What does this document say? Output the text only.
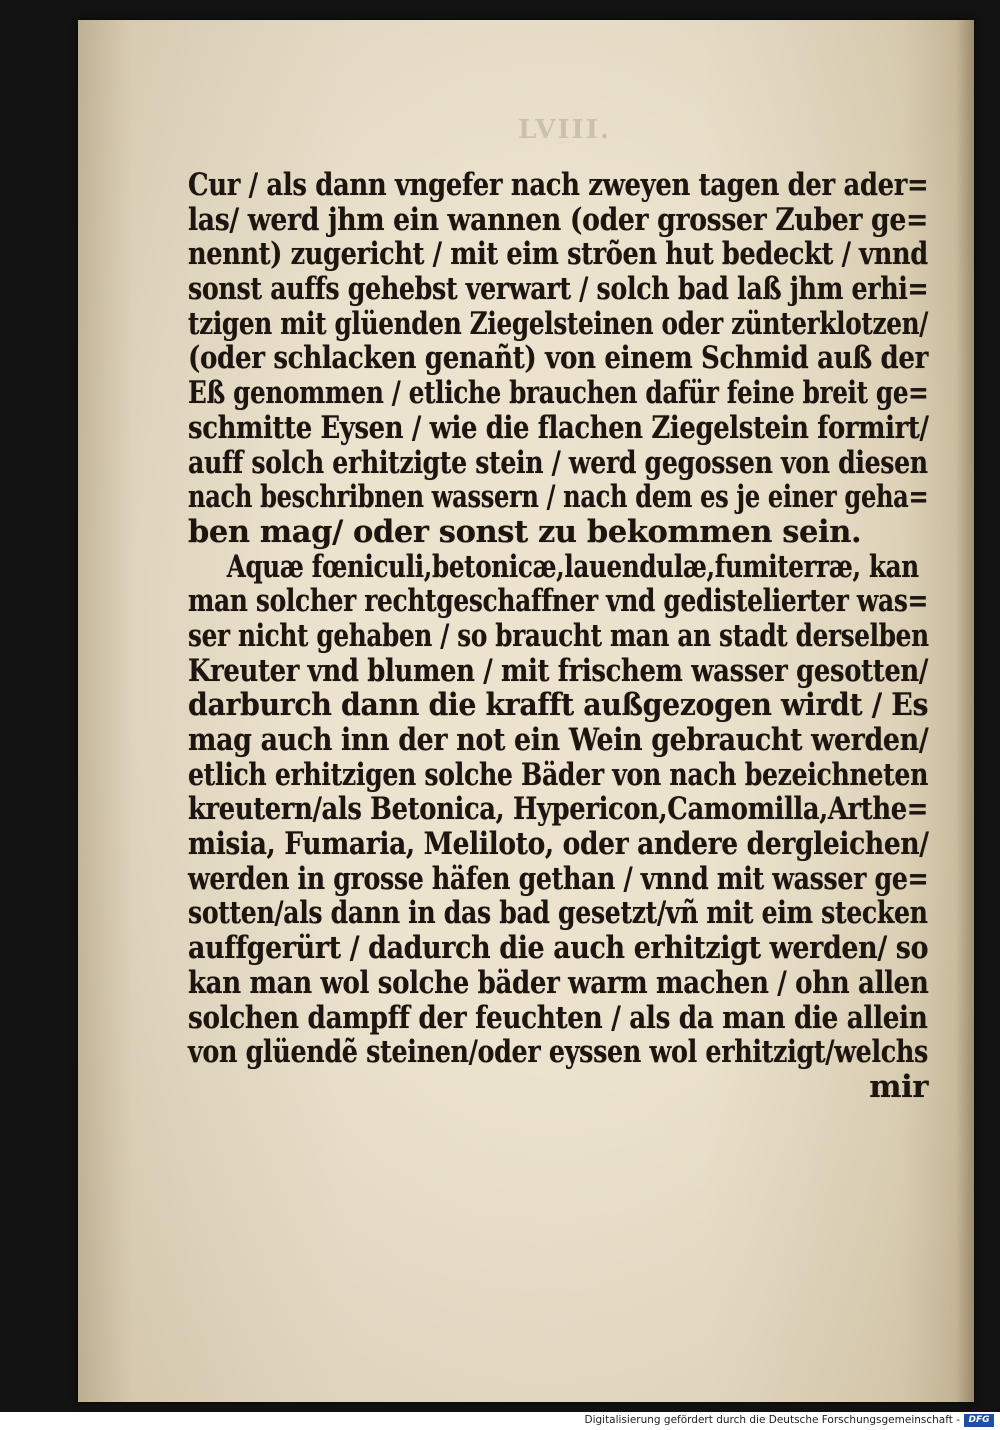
LVIII.
Cur / als dann vngefer nach zweyen tagen der ader=
las/ werd jhm ein wannen (oder grosser Zuber ge=
nennt) zugericht / mit eim strõen hut bedeckt / vnnd
sonst auffs gehebst verwart / solch bad laß jhm erhi=
tzigen mit glüenden Ziegelsteinen oder zünterklotzen/
(oder schlacken genañt) von einem Schmid auß der
Eß genommen / etliche brauchen dafür feine breit ge=
schmitte Eysen / wie die flachen Ziegelstein formirt/
auff solch erhitzigte stein / werd gegossen von diesen
nach beschribnen wassern / nach dem es je einer geha=
ben mag/ oder sonst zu bekommen sein.
Aquæ fœniculi,betonicæ,lauendulæ,fumiterræ, kan
man solcher rechtgeschaffner vnd gedistelierter was=
ser nicht gehaben / so braucht man an stadt derselben
Kreuter vnd blumen / mit frischem wasser gesotten/
darburch dann die krafft außgezogen wirdt / Es
mag auch inn der not ein Wein gebraucht werden/
etlich erhitzigen solche Bäder von nach bezeichneten
kreutern/als Betonica, Hypericon,Camomilla,Arthe=
misia, Fumaria, Meliloto, oder andere dergleichen/
werden in grosse häfen gethan / vnnd mit wasser ge=
sotten/als dann in das bad gesetzt/vñ mit eim stecken
auffgerürt / dadurch die auch erhitzigt werden/ so
kan man wol solche bäder warm machen / ohn allen
solchen dampff der feuchten / als da man die allein
von glüendẽ steinen/oder eyssen wol erhitzigt/welchs
mir
Digitalisierung gefördert durch die Deutsche Forschungsgemeinschaft - DFG
